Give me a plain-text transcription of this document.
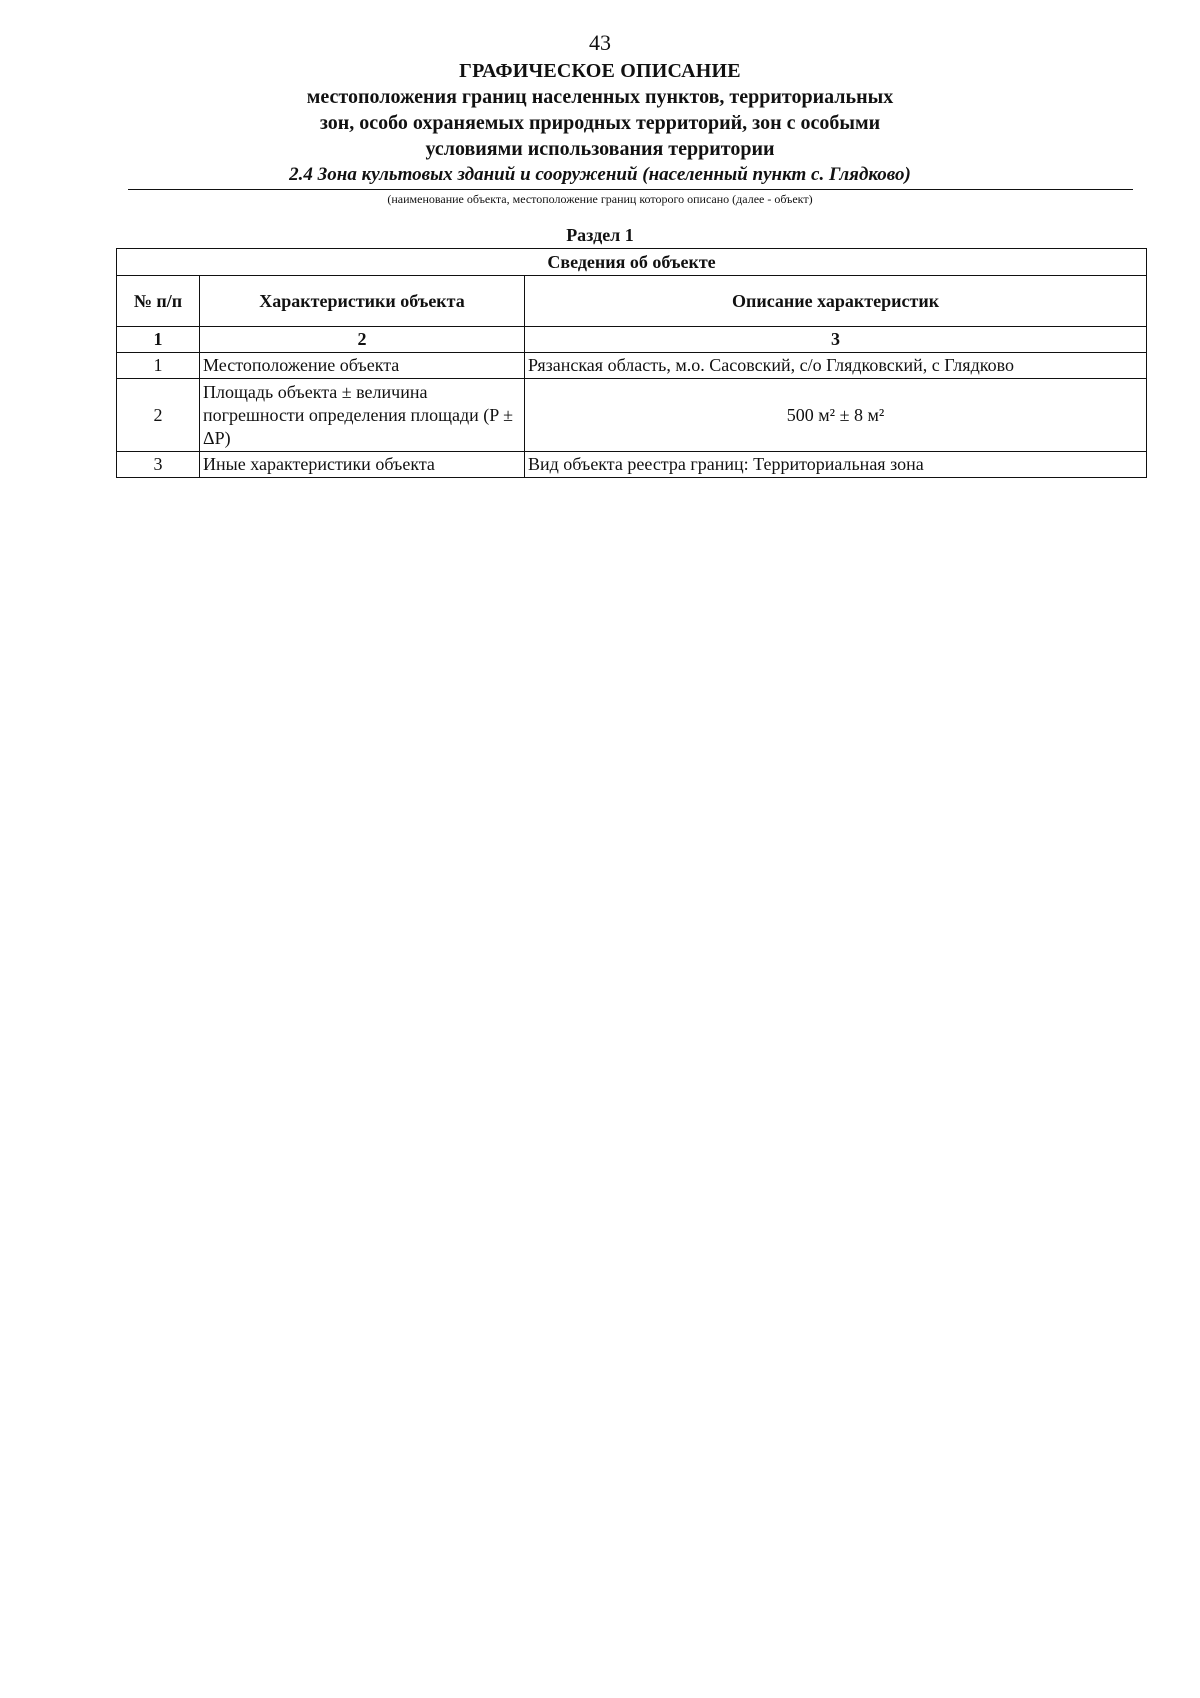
43
ГРАФИЧЕСКОЕ ОПИСАНИЕ
местоположения границ населенных пунктов, территориальных зон, особо охраняемых природных территорий, зон с особыми условиями использования территории
2.4 Зона культовых зданий и сооружений (населенный пункт с. Глядково)
(наименование объекта, местоположение границ которого описано (далее - объект)
Раздел 1
Сведения об объекте		
№ п/п	Характеристики объекта	Описание характеристик
1	2	3
1	Местоположение объекта	Рязанская область, м.о. Сасовский, с/о Глядковский, с Глядково
2	Площадь объекта ± величина погрешности определения площади (P ± ΔP)	500 м² ± 8 м²
3	Иные характеристики объекта	Вид объекта реестра границ: Территориальная зона
